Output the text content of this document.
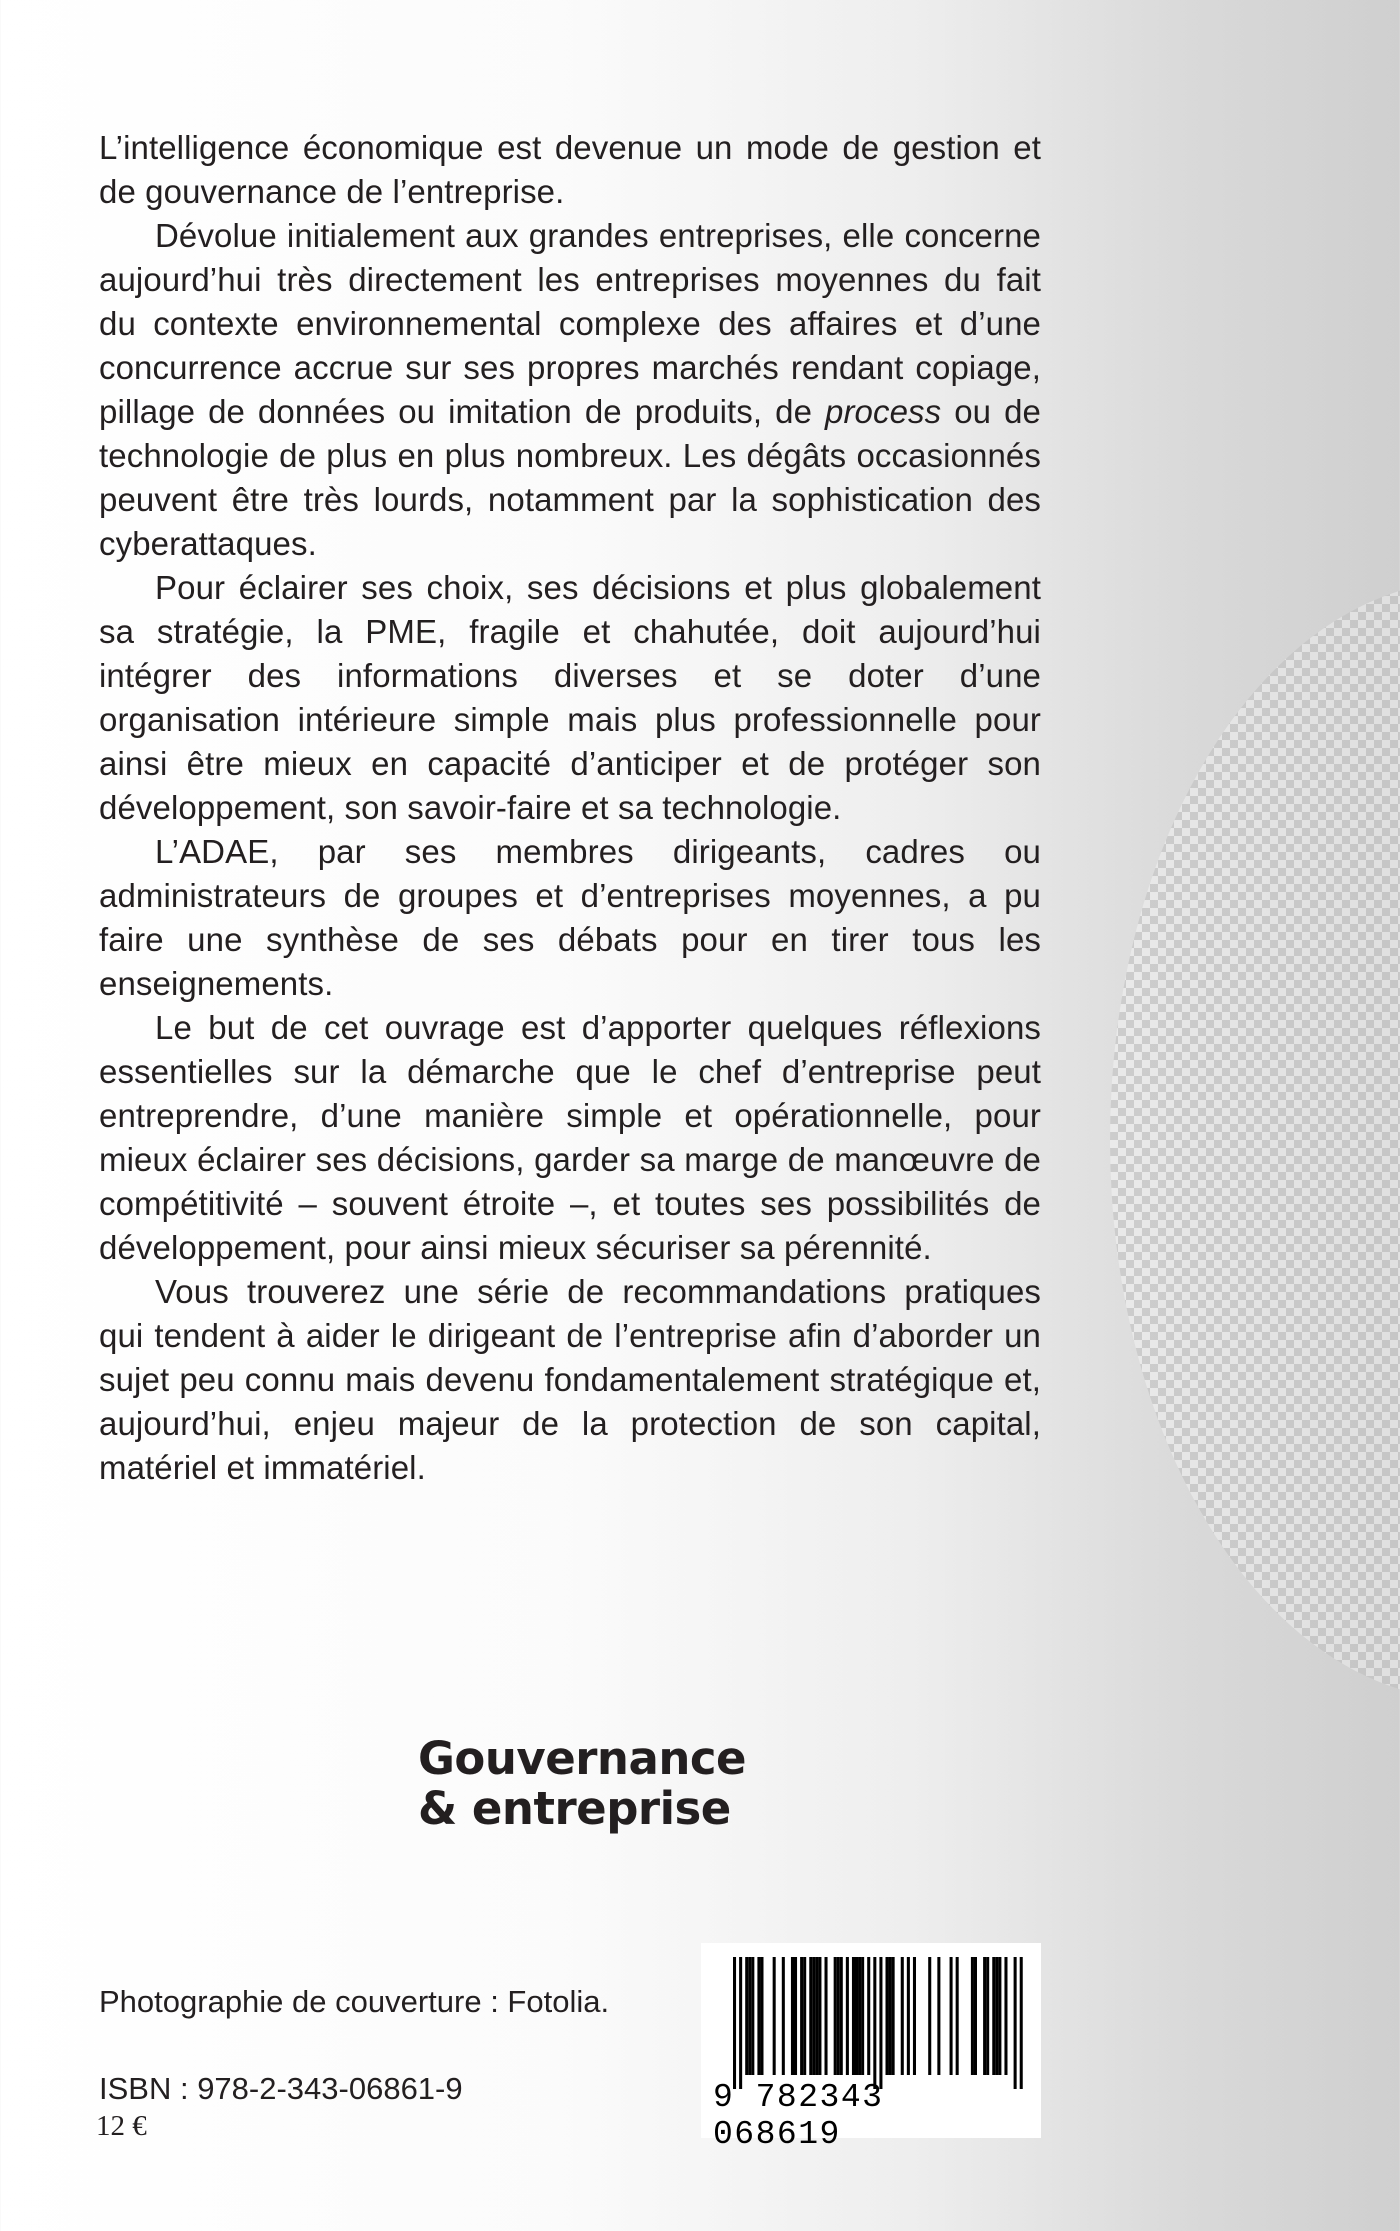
L’intelligence économique est devenue un mode de gestion et de gouvernance de l’entreprise.

Dévolue initialement aux grandes entreprises, elle concerne aujourd’hui très directement les entreprises moyennes du fait du contexte environnemental complexe des affaires et d’une concurrence accrue sur ses propres marchés rendant copiage, pillage de données ou imitation de produits, de process ou de technologie de plus en plus nombreux. Les dégâts occasionnés peuvent être très lourds, notamment par la sophistication des cyberattaques.

Pour éclairer ses choix, ses décisions et plus globalement sa stratégie, la PME, fragile et chahutée, doit aujourd’hui intégrer des informations diverses et se doter d’une organisation intérieure simple mais plus professionnelle pour ainsi être mieux en capacité d’anticiper et de protéger son développement, son savoir-faire et sa technologie.

L’ADAE, par ses membres dirigeants, cadres ou administrateurs de groupes et d’entreprises moyennes, a pu faire une synthèse de ses débats pour en tirer tous les enseignements.

Le but de cet ouvrage est d’apporter quelques réflexions essentielles sur la démarche que le chef d’entreprise peut entreprendre, d’une manière simple et opérationnelle, pour mieux éclairer ses décisions, garder sa marge de manœuvre de compétitivité – souvent étroite –, et toutes ses possibilités de développement, pour ainsi mieux sécuriser sa pérennité.

Vous trouverez une série de recommandations pratiques qui tendent à aider le dirigeant de l’entreprise afin d’aborder un sujet peu connu mais devenu fondamentalement stratégique et, aujourd’hui, enjeu majeur de la protection de son capital, matériel et immatériel.

Gouvernance
& entreprise
Photographie de couverture : Fotolia.
ISBN : 978-2-343-06861-9
12 €
9 782343 068619
